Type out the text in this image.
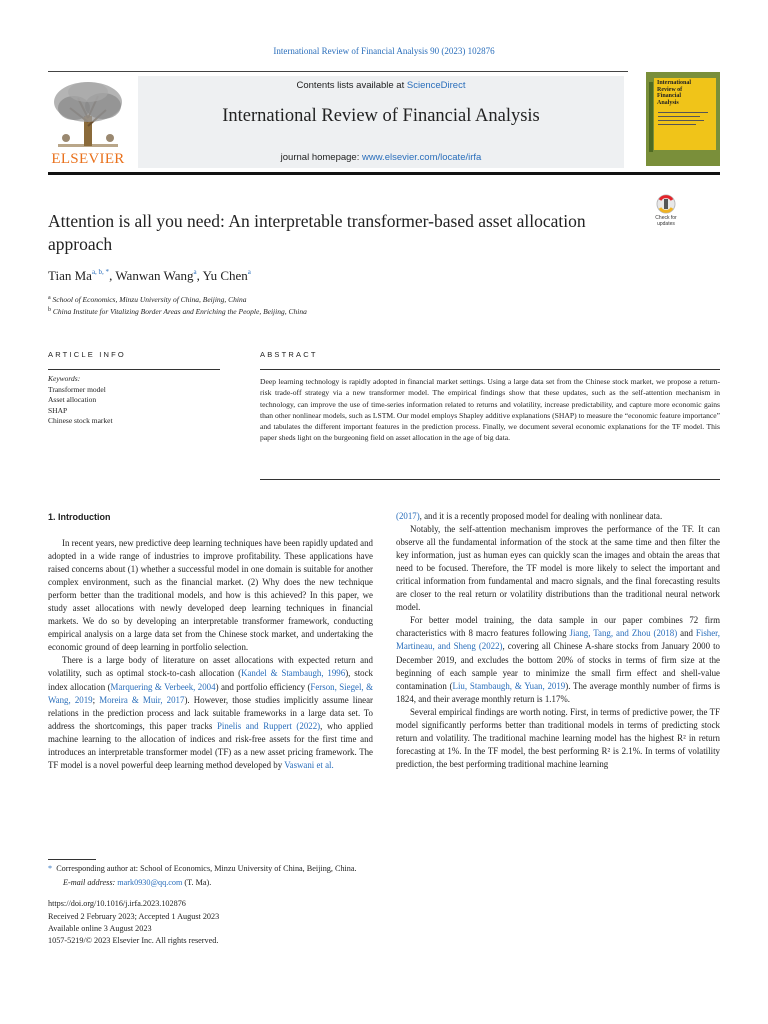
International Review of Financial Analysis 90 (2023) 102876
ELSEVIER
Contents lists available at ScienceDirect
International Review of Financial Analysis
journal homepage: www.elsevier.com/locate/irfa
International
Review of
Financial
Analysis
Attention is all you need: An interpretable transformer-based asset allocation approach
Check for
updates
Tian $Ma^{a, b, *}$, Wanwan Wang$^a$, Yu Chen$^a$
$^a$ School of Economics, Minzu University of China, Beijing, China
$^b$ China Institute for Vitalizing Border Areas and Enriching the People, Beijing, China
ARTICLE INFO	ABSTRACT
Keywords:
Transformer model
Asset allocation
SHAP
Chinese stock market
Deep learning technology is rapidly adopted in financial market settings. Using a large data set from the Chinese stock market, we propose a return-risk trade-off strategy via a new transformer model. The empirical findings show that these updates, such as the self-attention mechanism in technology, can improve the use of time-series information related to returns and volatility, increase predictability, and capture more economic gains than other nonlinear models, such as LSTM. Our model employs Shapley additive explanations (SHAP) to measure the “economic feature importance” and tabulates the different important features in the prediction process. Finally, we document several economic explanations for the TF model. This paper sheds light on the burgeoning field on asset allocation in the age of big data.
1. Introduction

In recent years, new predictive deep learning techniques have been rapidly updated and adopted in a wide range of industries to improve profitability. These applications have raised concerns about (1) whether a successful model in one domain is suitable for another complex environment, such as the financial market. (2) Why does the new technique perform better than the traditional models, and how is this achieved? In this paper, we study asset allocations with newly developed deep learning techniques in financial markets. We do so by developing an interpretable transformer framework, conducting empirical analysis on a large data set from the Chinese stock market, and undertaking the economic ground of deep learning in portfolio selection.

There is a large body of literature on asset allocations with expected return and volatility, such as optimal stock-to-cash allocation (Kandel & Stambaugh, 1996), stock index allocation (Marquering & Verbeek, 2004) and portfolio efficiency (Ferson, Siegel, & Wang, 2019; Moreira & Muir, 2017). However, those studies implicitly assume linear relations in the prediction process and lack suitable frameworks in a large data set. To address the shortcomings, this paper tracks Pinelis and Ruppert (2022), who applied machine learning to the allocation of indices and risk-free assets for the first time and introduces an interpretable transformer model (TF) as a new asset pricing framework. The TF model is a novel powerful deep learning method developed by Vaswani et al.

(2017), and it is a recently proposed model for dealing with nonlinear data.

Notably, the self-attention mechanism improves the performance of the TF. It can observe all the fundamental information of the stock at the same time and then filter the key information, just as human eyes can quickly scan the images and obtain the areas that need to be focused. Therefore, the TF model is more likely to select the important and critical information from fundamental and macro signals, and the final forecasting results are closer to the real return or volatility distributions than the traditional neural network model.

For better model training, the data sample in our paper combines 72 firm characteristics with 8 macro features following Jiang, Tang, and Zhou (2018) and Fisher, Martineau, and Sheng (2022), covering all Chinese A-share stocks from January 2000 to December 2019, and excludes the bottom 20% of stocks in terms of firm size at the beginning of each sample year to minimize the small firm effect and shell-value contamination (Liu, Stambaugh, & Yuan, 2019). The average monthly number of firms is 1824, and their average monthly return is 1.17%.

Several empirical findings are worth noting. First, in terms of predictive power, the TF model significantly performs better than traditional models in terms of predicting stock return and volatility. The traditional machine learning model has the highest R² in return forecasting at 1%. In the TF model, the best performing R² is 2.1%. In terms of volatility prediction, the best performing traditional machine learning

* Corresponding author at: School of Economics, Minzu University of China, Beijing, China.
E-mail address: mark0930@qq.com (T. Ma).
https://doi.org/10.1016/j.irfa.2023.102876
Received 2 February 2023; Accepted 1 August 2023
Available online 3 August 2023
1057-5219/© 2023 Elsevier Inc. All rights reserved.
